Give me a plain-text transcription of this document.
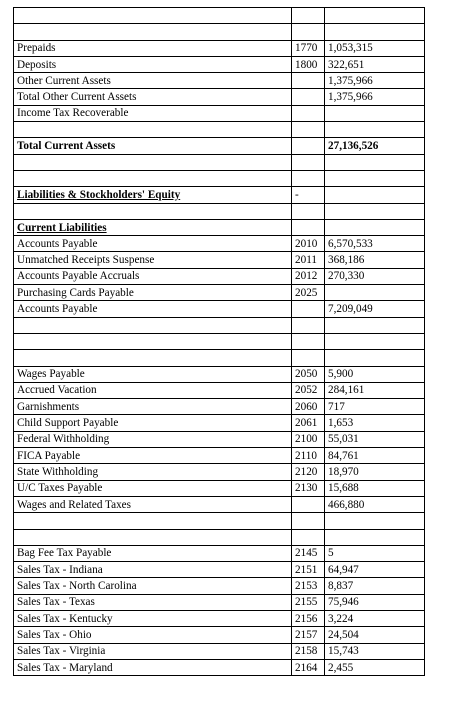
Prepaids	1770	1,053,315
Deposits	1800	322,651
Other Current Assets		1,375,966
Total Other Current Assets		1,375,966
Income Tax Recoverable		

Total Current Assets		27,136,526

Liabilities & Stockholders' Equity	-	

Current Liabilities		
Accounts Payable	2010	6,570,533
Unmatched Receipts Suspense	2011	368,186
Accounts Payable Accruals	2012	270,330
Purchasing Cards Payable	2025	
Accounts Payable		7,209,049

Wages Payable	2050	5,900
Accrued Vacation	2052	284,161
Garnishments	2060	717
Child Support Payable	2061	1,653
Federal Withholding	2100	55,031
FICA Payable	2110	84,761
State Withholding	2120	18,970
U/C Taxes Payable	2130	15,688
Wages and Related Taxes		466,880

Bag Fee Tax Payable	2145	5
Sales Tax - Indiana	2151	64,947
Sales Tax - North Carolina	2153	8,837
Sales Tax - Texas	2155	75,946
Sales Tax - Kentucky	2156	3,224
Sales Tax - Ohio	2157	24,504
Sales Tax - Virginia	2158	15,743
Sales Tax - Maryland	2164	2,455
